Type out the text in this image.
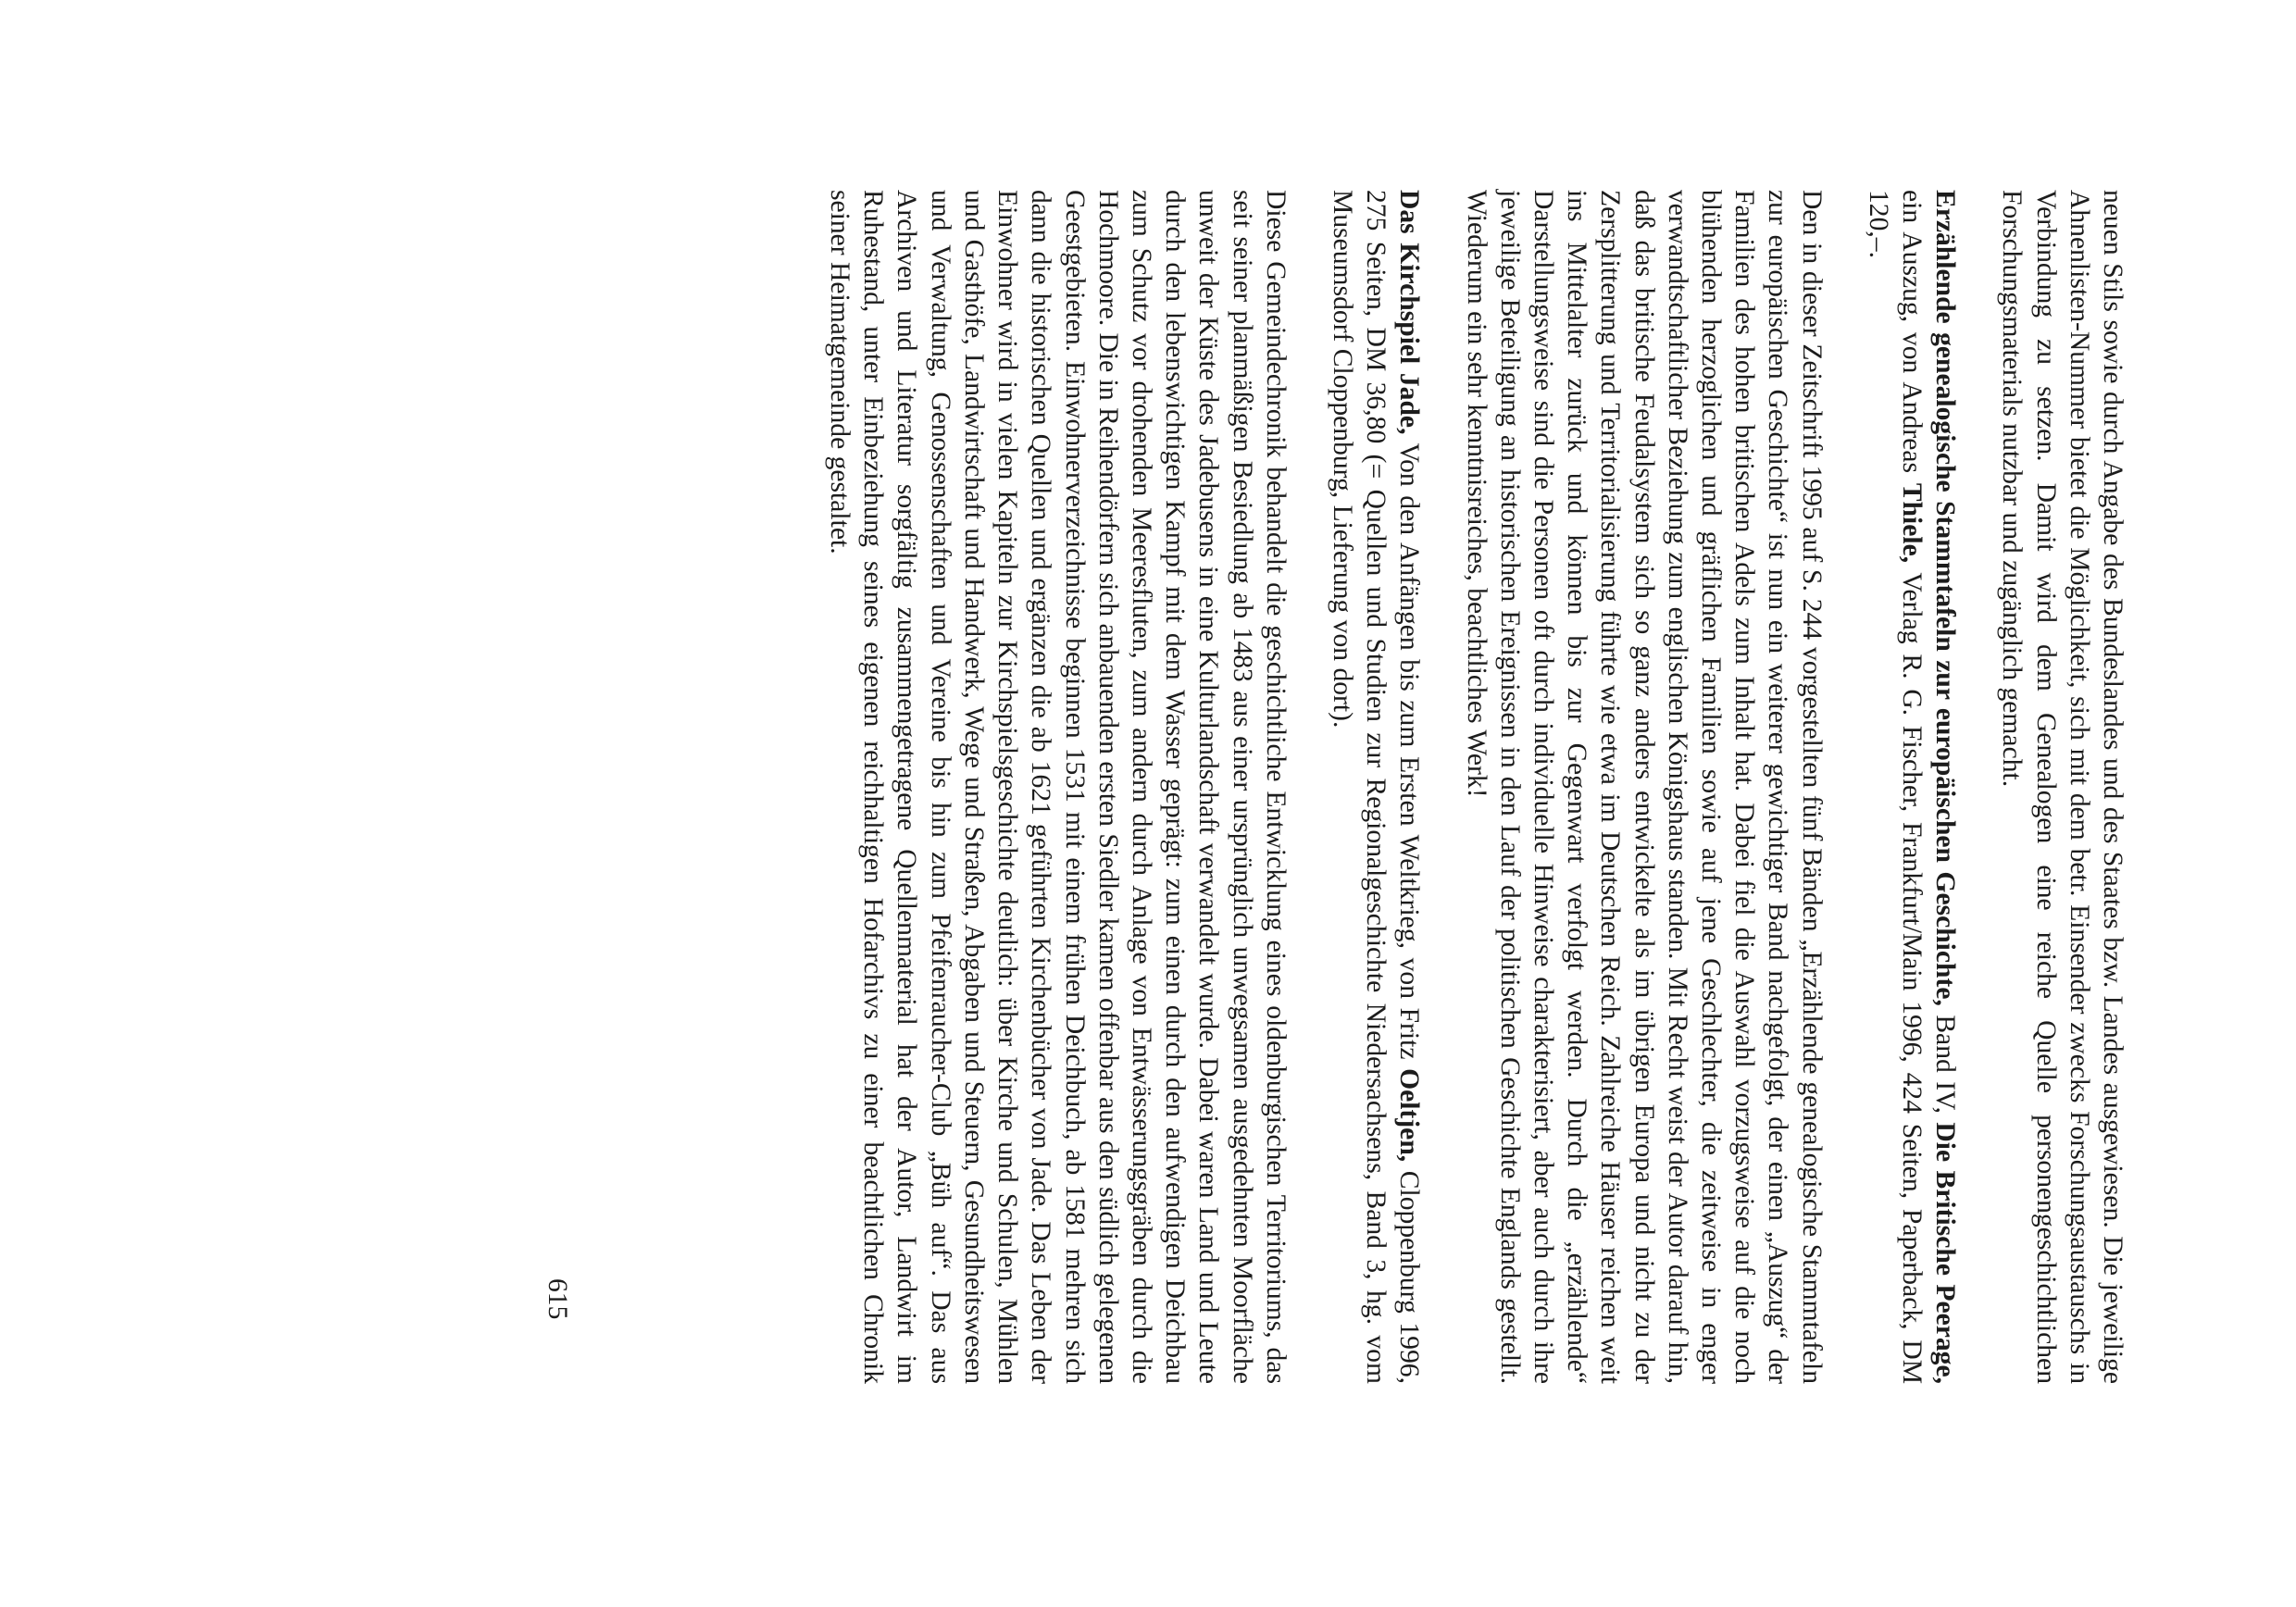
neuen Stils sowie durch Angabe des Bundeslandes und des Staates bzw. Landes ausgewiesen. Die jeweilige Ahnenlisten-Nummer bietet die Möglichkeit, sich mit dem betr. Einsender zwecks Forschungsaustauschs in Verbindung zu setzen. Damit wird dem Genealogen eine reiche Quelle personengeschichtlichen Forschungsmaterials nutzbar und zugänglich gemacht.

Erzählende genealogische Stammtafeln zur europäischen Geschichte, Band IV, Die Britische Peerage, ein Auszug, von Andreas Thiele, Verlag R. G. Fischer, Frankfurt/Main 1996, 424 Seiten, Paperback, DM 120,–.

Den in dieser Zeitschrift 1995 auf S. 244 vorgestellten fünf Bänden „Erzählende genealogische Stammtafeln zur europäischen Geschichte“ ist nun ein weiterer gewichtiger Band nachgefolgt, der einen „Auszug“ der Familien des hohen britischen Adels zum Inhalt hat. Dabei fiel die Auswahl vorzugsweise auf die noch blühenden herzoglichen und gräflichen Familien sowie auf jene Geschlechter, die zeitweise in enger verwandtschaftlicher Beziehung zum englischen Königshaus standen. Mit Recht weist der Autor darauf hin, daß das britische Feudalsystem sich so ganz anders entwickelte als im übrigen Europa und nicht zu der Zersplitterung und Territorialisierung führte wie etwa im Deutschen Reich. Zahlreiche Häuser reichen weit ins Mittelalter zurück und können bis zur Gegenwart verfolgt werden. Durch die „erzählende“ Darstellungsweise sind die Personen oft durch individuelle Hinweise charakterisiert, aber auch durch ihre jeweilige Beteiligung an historischen Ereignissen in den Lauf der politischen Geschichte Englands gestellt. Wiederum ein sehr kenntnisreiches, beachtliches Werk!

Das Kirchspiel Jade, Von den Anfängen bis zum Ersten Weltkrieg, von Fritz Oeltjen, Cloppenburg 1996, 275 Seiten, DM 36,80 (= Quellen und Studien zur Regionalgeschichte Niedersachsens, Band 3, hg. vom Museumsdorf Cloppenburg, Lieferung von dort).

Diese Gemeindechronik behandelt die geschichtliche Entwicklung eines oldenburgischen Territoriums, das seit seiner planmäßigen Besiedlung ab 1483 aus einer ursprünglich unwegsamen ausgedehnten Moorfläche unweit der Küste des Jadebusens in eine Kulturlandschaft verwandelt wurde. Dabei waren Land und Leute durch den lebenswichtigen Kampf mit dem Wasser geprägt: zum einen durch den aufwendigen Deichbau zum Schutz vor drohenden Meeresfluten, zum andern durch Anlage von Entwässerungsgräben durch die Hochmoore. Die in Reihendörfern sich anbauenden ersten Siedler kamen offenbar aus den südlich gelegenen Geestgebieten. Einwohnerverzeichnisse beginnen 1531 mit einem frühen Deichbuch, ab 1581 mehren sich dann die historischen Quellen und ergänzen die ab 1621 geführten Kirchenbücher von Jade. Das Leben der Einwohner wird in vielen Kapiteln zur Kirchspielsgeschichte deutlich: über Kirche und Schulen, Mühlen und Gasthöfe, Landwirtschaft und Handwerk, Wege und Straßen, Abgaben und Steuern, Gesundheitswesen und Verwaltung, Genossenschaften und Vereine bis hin zum Pfeifenraucher-Club „Büh auf“. Das aus Archiven und Literatur sorgfältig zusammengetragene Quellenmaterial hat der Autor, Landwirt im Ruhestand, unter Einbeziehung seines eigenen reichhaltigen Hofarchivs zu einer beachtlichen Chronik seiner Heimatgemeinde gestaltet.

615
